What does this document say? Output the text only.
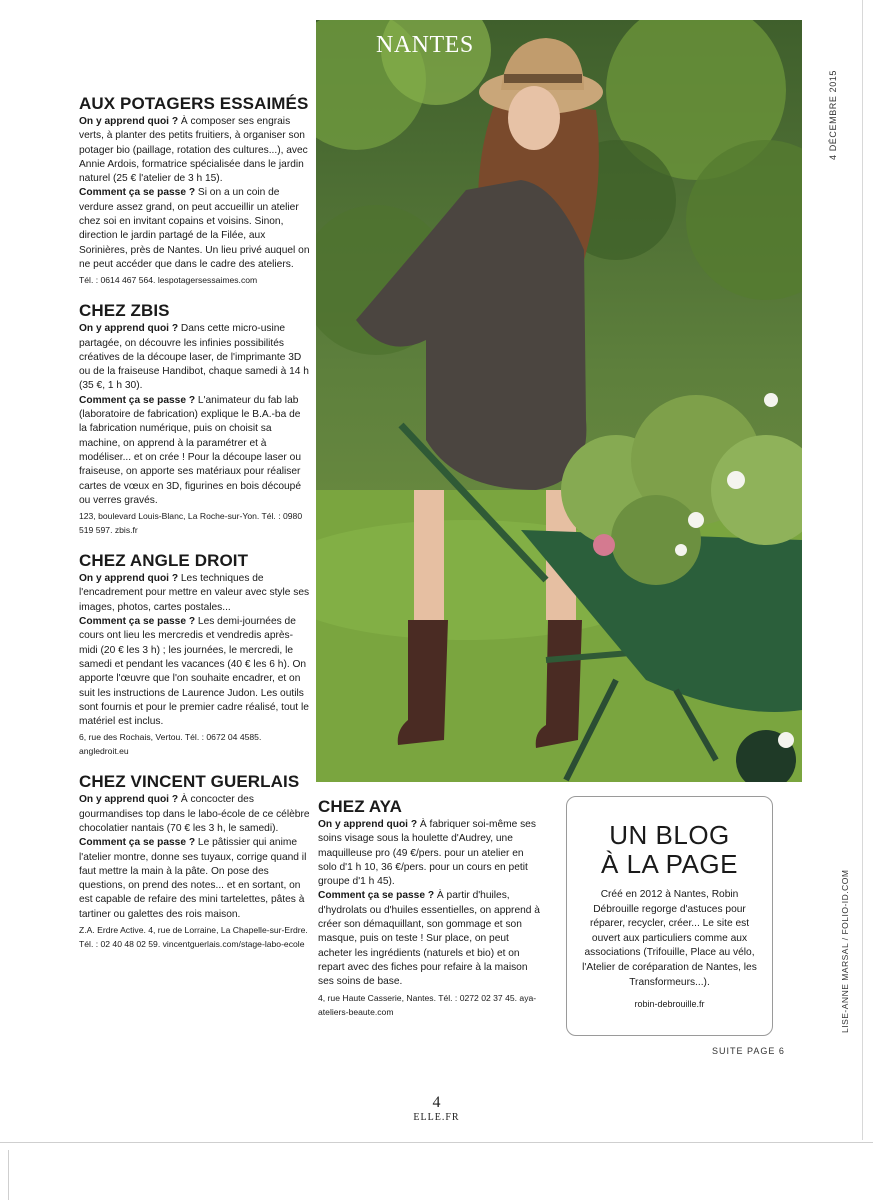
AUX POTAGERS ESSAIMÉS

On y apprend quoi ? À composer ses engrais verts, à planter des petits fruitiers, à organiser son potager bio (paillage, rotation des cultures...), avec Annie Ardois, formatrice spécialisée dans le jardin naturel (25 € l'atelier de 3 h 15).

Comment ça se passe ? Si on a un coin de verdure assez grand, on peut accueillir un atelier chez soi en invitant copains et voisins. Sinon, direction le jardin partagé de la Filée, aux Sorinières, près de Nantes. Un lieu privé auquel on ne peut accéder que dans le cadre des ateliers.

Tél. : 0614 467 564. lespotagersessaimes.com

CHEZ ZBIS

On y apprend quoi ? Dans cette micro-usine partagée, on découvre les infinies possibilités créatives de la découpe laser, de l'imprimante 3D ou de la fraiseuse Handibot, chaque samedi à 14 h (35 €, 1 h 30).

Comment ça se passe ? L'animateur du fab lab (laboratoire de fabrication) explique le B.A.-ba de la fabrication numérique, puis on choisit sa machine, on apprend à la paramétrer et à modéliser... et on crée ! Pour la découpe laser ou fraiseuse, on apporte ses matériaux pour réaliser cartes de vœux en 3D, figurines en bois découpé ou verres gravés.

123, boulevard Louis-Blanc, La Roche-sur-Yon. Tél. : 0980 519 597. zbis.fr

CHEZ ANGLE DROIT

On y apprend quoi ? Les techniques de l'encadrement pour mettre en valeur avec style ses images, photos, cartes postales...

Comment ça se passe ? Les demi-journées de cours ont lieu les mercredis et vendredis après-midi (20 € les 3 h) ; les journées, le mercredi, le samedi et pendant les vacances (40 € les 6 h). On apporte l'œuvre que l'on souhaite encadrer, et on suit les instructions de Laurence Judon. Les outils sont fournis et pour le premier cadre réalisé, tout le matériel est inclus.

6, rue des Rochais, Vertou. Tél. : 0672 04 4585. angledroit.eu

CHEZ VINCENT GUERLAIS

On y apprend quoi ? À concocter des gourmandises top dans le labo-école de ce célèbre chocolatier nantais (70 € les 3 h, le samedi).

Comment ça se passe ? Le pâtissier qui anime l'atelier montre, donne ses tuyaux, corrige quand il faut mettre la main à la pâte. On pose des questions, on prend des notes... et en sortant, on est capable de refaire des mini tartelettes, pâtes à tartiner ou galettes des rois maison.

Z.A. Erdre Active. 4, rue de Lorraine, La Chapelle-sur-Erdre. Tél. : 02 40 48 02 59. vincentguerlais.com/stage-labo-ecole

NANTES
CHEZ AYA

On y apprend quoi ? À fabriquer soi-même ses soins visage sous la houlette d'Audrey, une maquilleuse pro (49 €/pers. pour un atelier en solo d'1 h 10, 36 €/pers. pour un cours en petit groupe d'1 h 45).

Comment ça se passe ? À partir d'huiles, d'hydrolats ou d'huiles essentielles, on apprend à créer son démaquillant, son gommage et son masque, puis on teste ! Sur place, on peut acheter les ingrédients (naturels et bio) et on repart avec des fiches pour refaire à la maison ses soins de base.

4, rue Haute Casserie, Nantes. Tél. : 0272 02 37 45. aya-ateliers-beaute.com

UN BLOG
À LA PAGE

Créé en 2012 à Nantes, Robin Débrouille regorge d'astuces pour réparer, recycler, créer... Le site est ouvert aux particuliers comme aux associations (Trifouille, Place au vélo, l'Atelier de coréparation de Nantes, les Transformeurs...).

robin-debrouille.fr

SUITE PAGE 6
4 DÉCEMBRE 2015
LISE-ANNE MARSAL / FOLIO-ID.COM
4
ELLE.FR
